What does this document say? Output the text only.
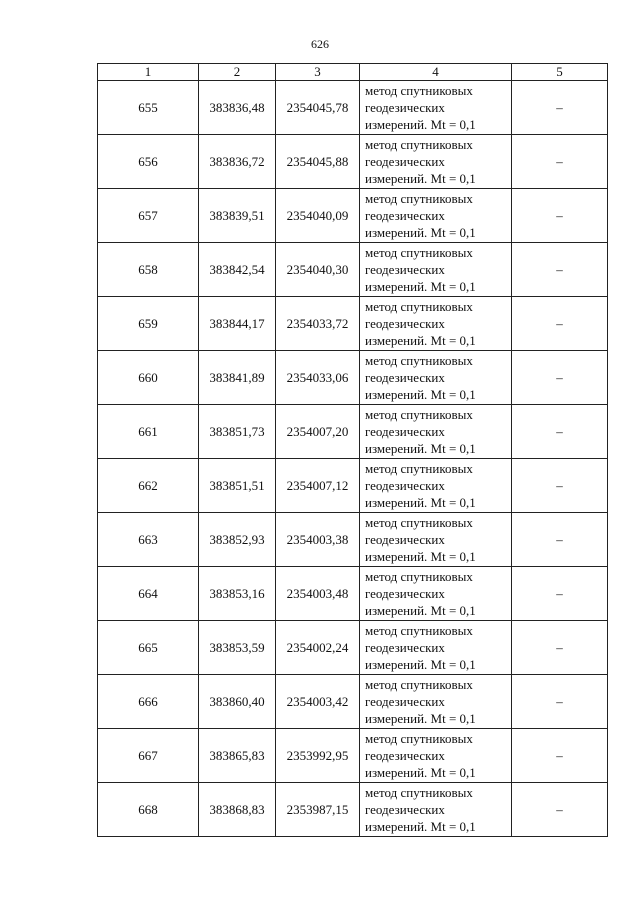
626
1	2	3	4	5
655	383836,48	2354045,78	метод спутниковых
геодезических
измерений. Mt = 0,1	–
656	383836,72	2354045,88	метод спутниковых
геодезических
измерений. Mt = 0,1	–
657	383839,51	2354040,09	метод спутниковых
геодезических
измерений. Mt = 0,1	–
658	383842,54	2354040,30	метод спутниковых
геодезических
измерений. Mt = 0,1	–
659	383844,17	2354033,72	метод спутниковых
геодезических
измерений. Mt = 0,1	–
660	383841,89	2354033,06	метод спутниковых
геодезических
измерений. Mt = 0,1	–
661	383851,73	2354007,20	метод спутниковых
геодезических
измерений. Mt = 0,1	–
662	383851,51	2354007,12	метод спутниковых
геодезических
измерений. Mt = 0,1	–
663	383852,93	2354003,38	метод спутниковых
геодезических
измерений. Mt = 0,1	–
664	383853,16	2354003,48	метод спутниковых
геодезических
измерений. Mt = 0,1	–
665	383853,59	2354002,24	метод спутниковых
геодезических
измерений. Mt = 0,1	–
666	383860,40	2354003,42	метод спутниковых
геодезических
измерений. Mt = 0,1	–
667	383865,83	2353992,95	метод спутниковых
геодезических
измерений. Mt = 0,1	–
668	383868,83	2353987,15	метод спутниковых
геодезических
измерений. Mt = 0,1	–
